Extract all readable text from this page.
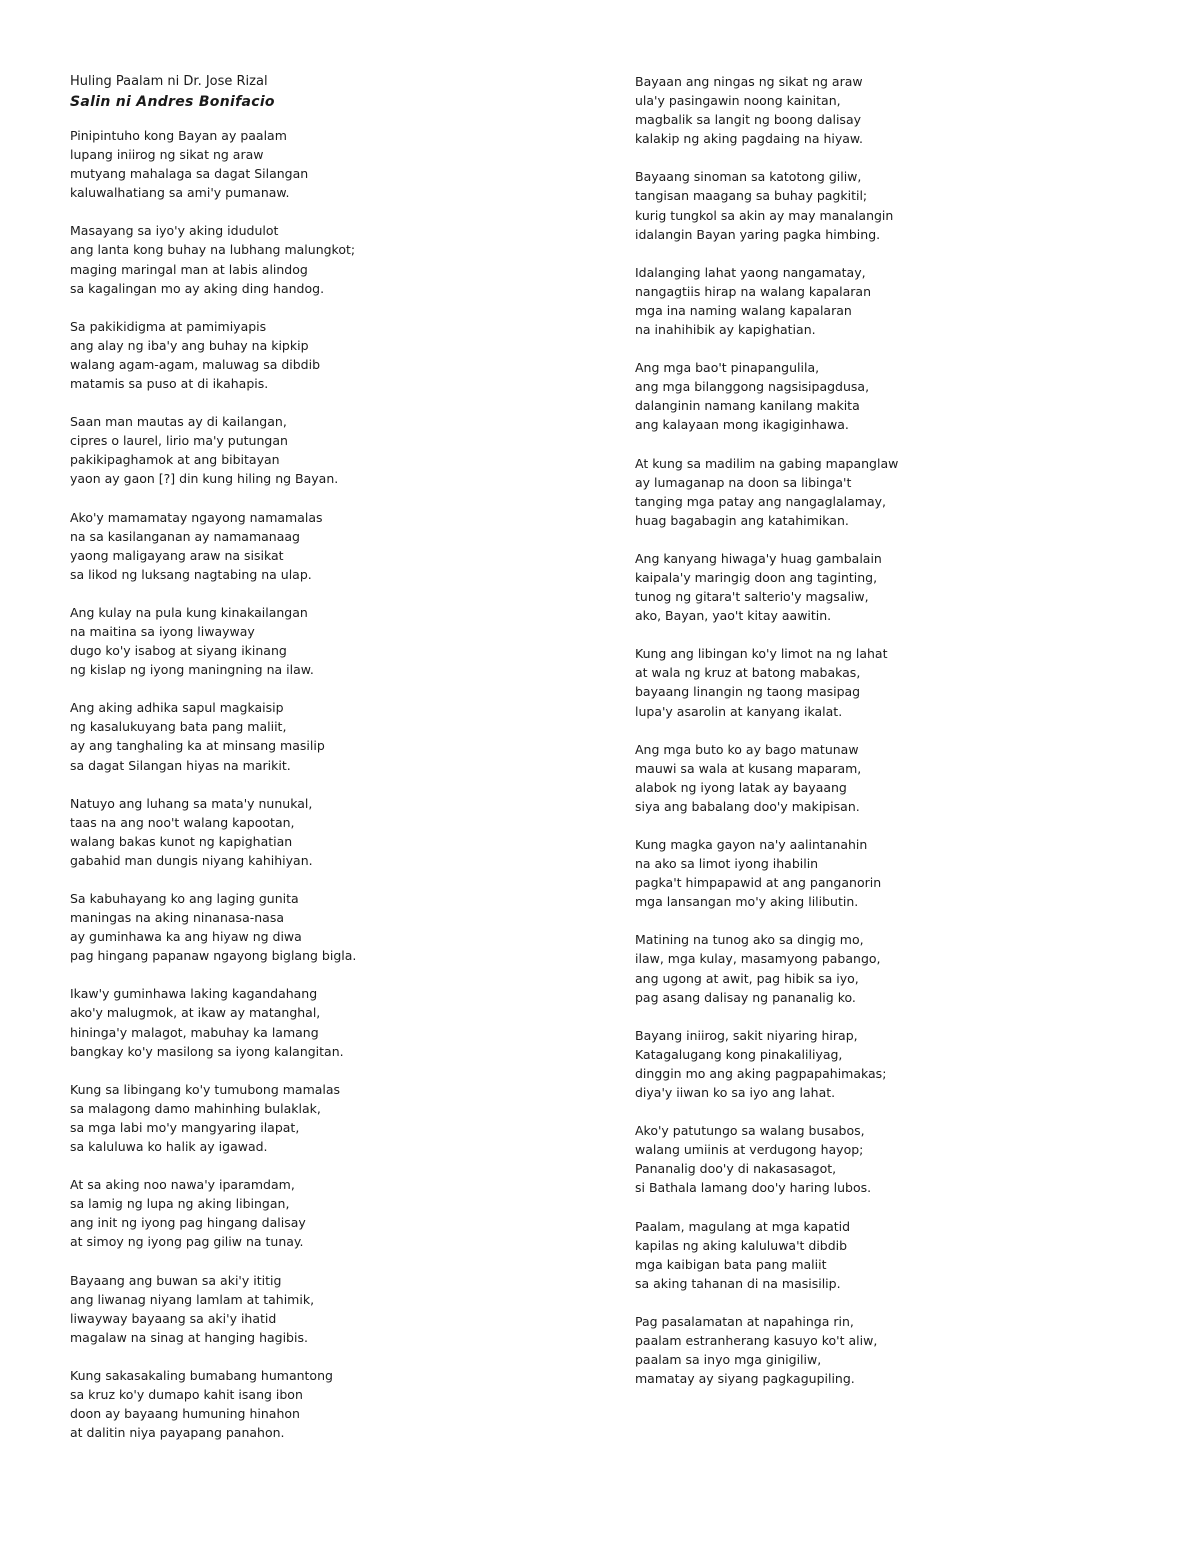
Huling Paalam ni Dr. Jose Rizal

Salin ni Andres Bonifacio

Pinipintuho kong Bayan ay paalam
lupang iniirog ng sikat ng araw
mutyang mahalaga sa dagat Silangan
kaluwalhatiang sa ami'y pumanaw.
Masayang sa iyo'y aking idudulot
ang lanta kong buhay na lubhang malungkot;
maging maringal man at labis alindog
sa kagalingan mo ay aking ding handog.
Sa pakikidigma at pamimiyapis
ang alay ng iba'y ang buhay na kipkip
walang agam-agam, maluwag sa dibdib
matamis sa puso at di ikahapis.
Saan man mautas ay di kailangan,
cipres o laurel, lirio ma'y putungan
pakikipaghamok at ang bibitayan
yaon ay gaon [?] din kung hiling ng Bayan.
Ako'y mamamatay ngayong namamalas
na sa kasilanganan ay namamanaag
yaong maligayang araw na sisikat
sa likod ng luksang nagtabing na ulap.
Ang kulay na pula kung kinakailangan
na maitina sa iyong liwayway
dugo ko'y isabog at siyang ikinang
ng kislap ng iyong maningning na ilaw.
Ang aking adhika sapul magkaisip
ng kasalukuyang bata pang maliit,
ay ang tanghaling ka at minsang masilip
sa dagat Silangan hiyas na marikit.
Natuyo ang luhang sa mata'y nunukal,
taas na ang noo't walang kapootan,
walang bakas kunot ng kapighatian
gabahid man dungis niyang kahihiyan.
Sa kabuhayang ko ang laging gunita
maningas na aking ninanasa-nasa
ay guminhawa ka ang hiyaw ng diwa
pag hingang papanaw ngayong biglang bigla.
Ikaw'y guminhawa laking kagandahang
ako'y malugmok, at ikaw ay matanghal,
hininga'y malagot, mabuhay ka lamang
bangkay ko'y masilong sa iyong kalangitan.
Kung sa libingang ko'y tumubong mamalas
sa malagong damo mahinhing bulaklak,
sa mga labi mo'y mangyaring ilapat,
sa kaluluwa ko halik ay igawad.
At sa aking noo nawa'y iparamdam,
sa lamig ng lupa ng aking libingan,
ang init ng iyong pag hingang dalisay
at simoy ng iyong pag giliw na tunay.
Bayaang ang buwan sa aki'y ititig
ang liwanag niyang lamlam at tahimik,
liwayway bayaang sa aki'y ihatid
magalaw na sinag at hanging hagibis.
Kung sakasakaling bumabang humantong
sa kruz ko'y dumapo kahit isang ibon
doon ay bayaang humuning hinahon
at dalitin niya payapang panahon.
Bayaan ang ningas ng sikat ng araw
ula'y pasingawin noong kainitan,
magbalik sa langit ng boong dalisay
kalakip ng aking pagdaing na hiyaw.
Bayaang sinoman sa katotong giliw,
tangisan maagang sa buhay pagkitil;
kurig tungkol sa akin ay may manalangin
idalangin Bayan yaring pagka himbing.
Idalanging lahat yaong nangamatay,
nangagtiis hirap na walang kapalaran
mga ina naming walang kapalaran
na inahihibik ay kapighatian.
Ang mga bao't pinapangulila,
ang mga bilanggong nagsisipagdusa,
dalanginin namang kanilang makita
ang kalayaan mong ikagiginhawa.
At kung sa madilim na gabing mapanglaw
ay lumaganap na doon sa libinga't
tanging mga patay ang nangaglalamay,
huag bagabagin ang katahimikan.
Ang kanyang hiwaga'y huag gambalain
kaipala'y maringig doon ang taginting,
tunog ng gitara't salterio'y magsaliw,
ako, Bayan, yao't kitay aawitin.
Kung ang libingan ko'y limot na ng lahat
at wala ng kruz at batong mabakas,
bayaang linangin ng taong masipag
lupa'y asarolin at kanyang ikalat.
Ang mga buto ko ay bago matunaw
mauwi sa wala at kusang maparam,
alabok ng iyong latak ay bayaang
siya ang babalang doo'y makipisan.
Kung magka gayon na'y aalintanahin
na ako sa limot iyong ihabilin
pagka't himpapawid at ang panganorin
mga lansangan mo'y aking lilibutin.
Matining na tunog ako sa dingig mo,
ilaw, mga kulay, masamyong pabango,
ang ugong at awit, pag hibik sa iyo,
pag asang dalisay ng pananalig ko.
Bayang iniirog, sakit niyaring hirap,
Katagalugang kong pinakaliliyag,
dinggin mo ang aking pagpapahimakas;
diya'y iiwan ko sa iyo ang lahat.
Ako'y patutungo sa walang busabos,
walang umiinis at verdugong hayop;
Pananalig doo'y di nakasasagot,
si Bathala lamang doo'y haring lubos.
Paalam, magulang at mga kapatid
kapilas ng aking kaluluwa't dibdib
mga kaibigan bata pang maliit
sa aking tahanan di na masisilip.
Pag pasalamatan at napahinga rin,
paalam estranherang kasuyo ko't aliw,
paalam sa inyo mga ginigiliw,
mamatay ay siyang pagkagupiling.
